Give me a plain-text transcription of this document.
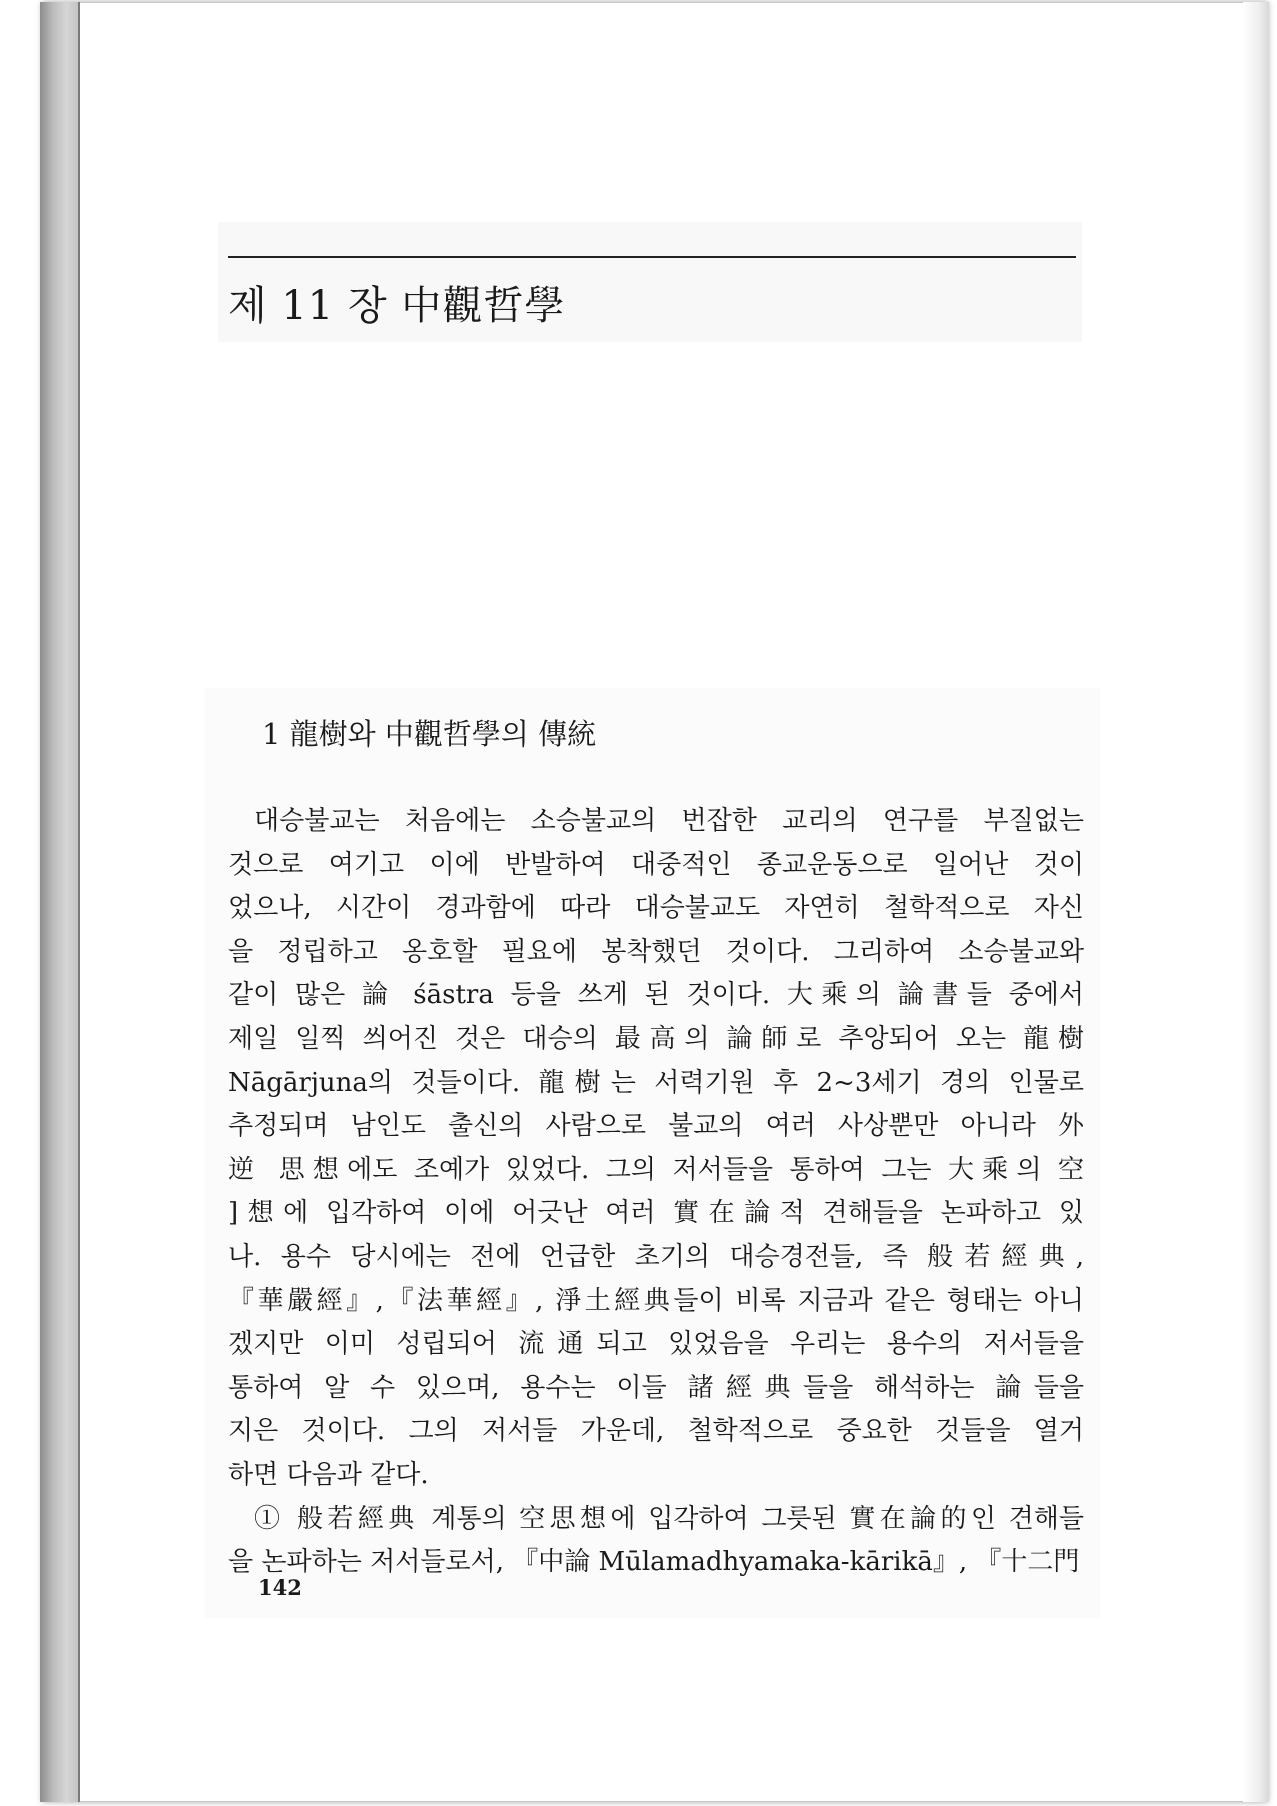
제 11 장 中觀哲學
1 龍樹와 中觀哲學의 傳統
대승불교는 처음에는 소승불교의 번잡한 교리의 연구를 부질없는
것으로 여기고 이에 반발하여 대중적인 종교운동으로 일어난 것이
었으나, 시간이 경과함에 따라 대승불교도 자연히 철학적으로 자신
을 정립하고 옹호할 필요에 봉착했던 것이다. 그리하여 소승불교와
같이 많은 論 śāstra 등을 쓰게 된 것이다. 大乘의 論書들 중에서
제일 일찍 씌어진 것은 대승의 最高의 論師로 추앙되어 오는 龍樹
Nāgārjuna의 것들이다. 龍樹는 서력기원 후 2~3세기 경의 인물로
추정되며 남인도 출신의 사람으로 불교의 여러 사상뿐만 아니라 外
逆 思想에도 조예가 있었다. 그의 저서들을 통하여 그는 大乘의 空
]想에 입각하여 이에 어긋난 여러 實在論적 견해들을 논파하고 있
나. 용수 당시에는 전에 언급한 초기의 대승경전들, 즉 般若經典,
『華嚴經』,『法華經』, 淨土經典들이 비록 지금과 같은 형태는 아니
겠지만 이미 성립되어 流通되고 있었음을 우리는 용수의 저서들을
통하여 알 수 있으며, 용수는 이들 諸經典들을 해석하는 論들을
지은 것이다. 그의 저서들 가운데, 철학적으로 중요한 것들을 열거
하면 다음과 같다.
① 般若經典 계통의 空思想에 입각하여 그릇된 實在論的인 견해들
을 논파하는 저서들로서, 『中論 Mūlamadhyamaka-kārikā』, 『十二門

142
